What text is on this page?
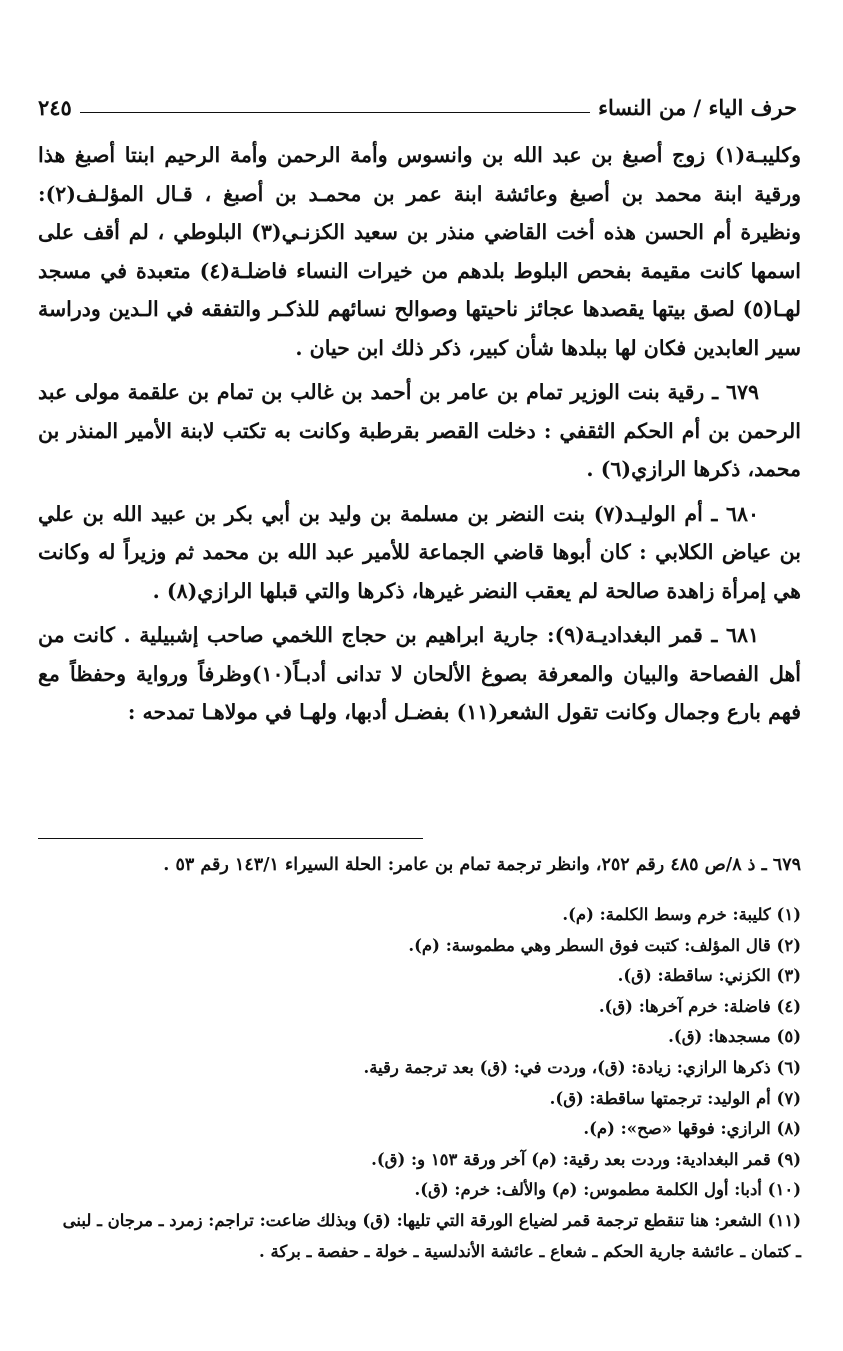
حرف الياء / من النساء
٢٤٥

وكليبـة(١) زوج أصبغ بن عبد الله بن وانسوس وأمة الرحمن وأمة الرحيم ابنتا أصبغ هذا ورقية ابنة محمد بن أصبغ وعائشة ابنة عمر بن محمـد بن أصبغ ، قـال المؤلـف(٢): ونظيرة أم الحسن هذه أخت القاضي منذر بن سعيد الكزنـي(٣) البلوطي ، لم أقف على اسمها كانت مقيمة بفحص البلوط بلدهم من خيرات النساء فاضلـة(٤) متعبدة في مسجد لهـا(٥) لصق بيتها يقصدها عجائز ناحيتها وصوالح نسائهم للذكـر والتفقه في الـدين ودراسة سير العابدين فكان لها ببلدها شأن كبير، ذكر ذلك ابن حيان .

٦٧٩ ـ رقية بنت الوزير تمام بن عامر بن أحمد بن غالب بن تمام بن علقمة مولى عبد الرحمن بن أم الحكم الثقفي : دخلت القصر بقرطبة وكانت به تكتب لابنة الأمير المنذر بن محمد، ذكرها الرازي(٦) .

٦٨٠ ـ أم الوليـد(٧) بنت النضر بن مسلمة بن وليد بن أبي بكر بن عبيد الله بن علي بن عياض الكلابي : كان أبوها قاضي الجماعة للأمير عبد الله بن محمد ثم وزيراً له وكانت هي إمرأة زاهدة صالحة لم يعقب النضر غيرها، ذكرها والتي قبلها الرازي(٨) .

٦٨١ ـ قمر البغداديـة(٩): جارية ابراهيم بن حجاج اللخمي صاحب إشبيلية . كانت من أهل الفصاحة والبيان والمعرفة بصوغ الألحان لا تدانى أدبـاً(١٠)وظرفاً ورواية وحفظاً مع فهم بارع وجمال وكانت تقول الشعر(١١) بفضـل أدبها، ولهـا في مولاهـا تمدحه :

٦٧٩ ـ ذ ٨/ص ٤٨٥ رقم ٢٥٢، وانظر ترجمة تمام بن عامر: الحلة السيراء ١٤٣/١ رقم ٥٣ .
(١) كليبة: خرم وسط الكلمة: (م).
(٢) قال المؤلف: كتبت فوق السطر وهي مطموسة: (م).
(٣) الكزني: ساقطة: (ق).
(٤) فاضلة: خرم آخرها: (ق).
(٥) مسجدها: (ق).
(٦) ذكرها الرازي: زيادة: (ق)، وردت في: (ق) بعد ترجمة رقية.
(٧) أم الوليد: ترجمتها ساقطة: (ق).
(٨) الرازي: فوقها «صح»: (م).
(٩) قمر البغدادية: وردت بعد رقية: (م) آخر ورقة ١٥٣ و: (ق).
(١٠) أدبا: أول الكلمة مطموس: (م) والألف: خرم: (ق).
(١١) الشعر: هنا تنقطع ترجمة قمر لضياع الورقة التي تليها: (ق) وبذلك ضاعت: تراجم: زمرد ـ مرجان ـ لبنى
ـ كتمان ـ عائشة جارية الحكم ـ شعاع ـ عائشة الأندلسية ـ خولة ـ حفصة ـ بركة .
